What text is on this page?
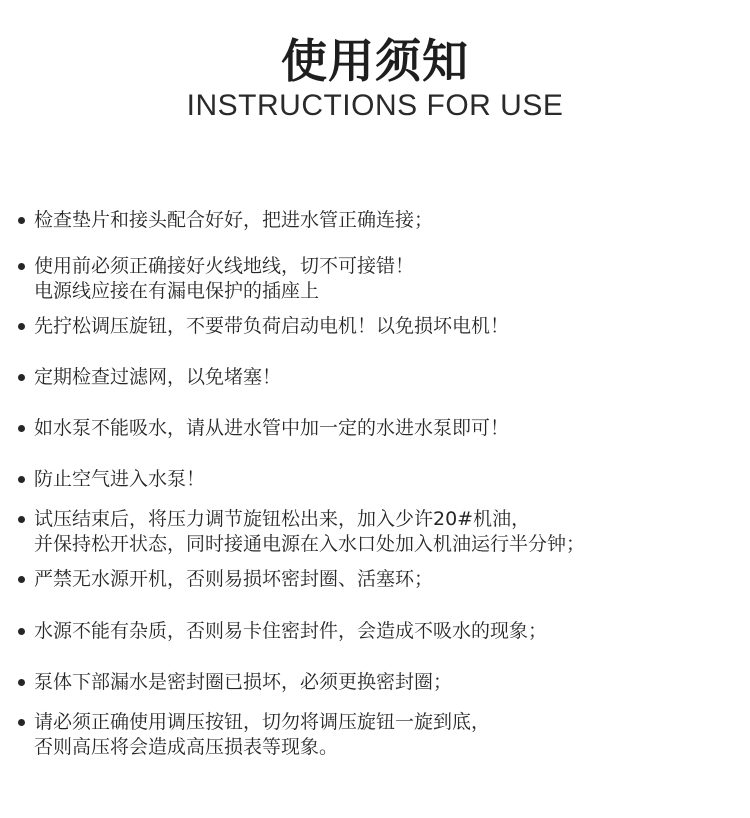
使用须知
INSTRUCTIONS FOR USE
检查垫片和接头配合好好，把进水管正确连接；
使用前必须正确接好火线地线，切不可接错！
电源线应接在有漏电保护的插座上
先拧松调压旋钮，不要带负荷启动电机！以免损坏电机！
定期检查过滤网，以免堵塞！
如水泵不能吸水，请从进水管中加一定的水进水泵即可！
防止空气进入水泵！
试压结束后，将压力调节旋钮松出来，加入少许20#机油，
并保持松开状态，同时接通电源在入水口处加入机油运行半分钟；
严禁无水源开机，否则易损坏密封圈、活塞环；
水源不能有杂质，否则易卡住密封件，会造成不吸水的现象；
泵体下部漏水是密封圈已损坏，必须更换密封圈；
请必须正确使用调压按钮，切勿将调压旋钮一旋到底，
否则高压将会造成高压损表等现象。
